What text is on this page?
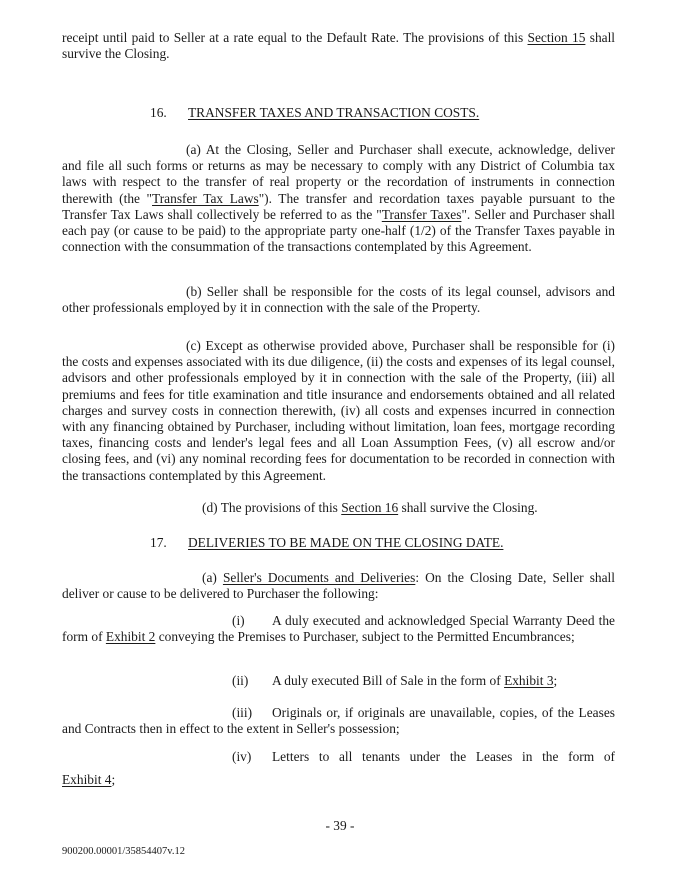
receipt until paid to Seller at a rate equal to the Default Rate. The provisions of this Section 15 shall survive the Closing.

16. TRANSFER TAXES AND TRANSACTION COSTS.

(a) At the Closing, Seller and Purchaser shall execute, acknowledge, deliver and file all such forms or returns as may be necessary to comply with any District of Columbia tax laws with respect to the transfer of real property or the recordation of instruments in connection therewith (the "Transfer Tax Laws"). The transfer and recordation taxes payable pursuant to the Transfer Tax Laws shall collectively be referred to as the "Transfer Taxes". Seller and Purchaser shall each pay (or cause to be paid) to the appropriate party one-half (1/2) of the Transfer Taxes payable in connection with the consummation of the transactions contemplated by this Agreement.

(b) Seller shall be responsible for the costs of its legal counsel, advisors and other professionals employed by it in connection with the sale of the Property.

(c) Except as otherwise provided above, Purchaser shall be responsible for (i) the costs and expenses associated with its due diligence, (ii) the costs and expenses of its legal counsel, advisors and other professionals employed by it in connection with the sale of the Property, (iii) all premiums and fees for title examination and title insurance and endorsements obtained and all related charges and survey costs in connection therewith, (iv) all costs and expenses incurred in connection with any financing obtained by Purchaser, including without limitation, loan fees, mortgage recording taxes, financing costs and lender's legal fees and all Loan Assumption Fees, (v) all escrow and/or closing fees, and (vi) any nominal recording fees for documentation to be recorded in connection with the transactions contemplated by this Agreement.

(d) The provisions of this Section 16 shall survive the Closing.

17. DELIVERIES TO BE MADE ON THE CLOSING DATE.

(a) Seller's Documents and Deliveries: On the Closing Date, Seller shall deliver or cause to be delivered to Purchaser the following:

(i) A duly executed and acknowledged Special Warranty Deed the form of Exhibit 2 conveying the Premises to Purchaser, subject to the Permitted Encumbrances;

(ii) A duly executed Bill of Sale in the form of Exhibit 3;

(iii) Originals or, if originals are unavailable, copies, of the Leases and Contracts then in effect to the extent in Seller's possession;

(iv)	Letters to all tenants under the Leases in the form of
Exhibit 4;
- 39 -
900200.00001/35854407v.12
